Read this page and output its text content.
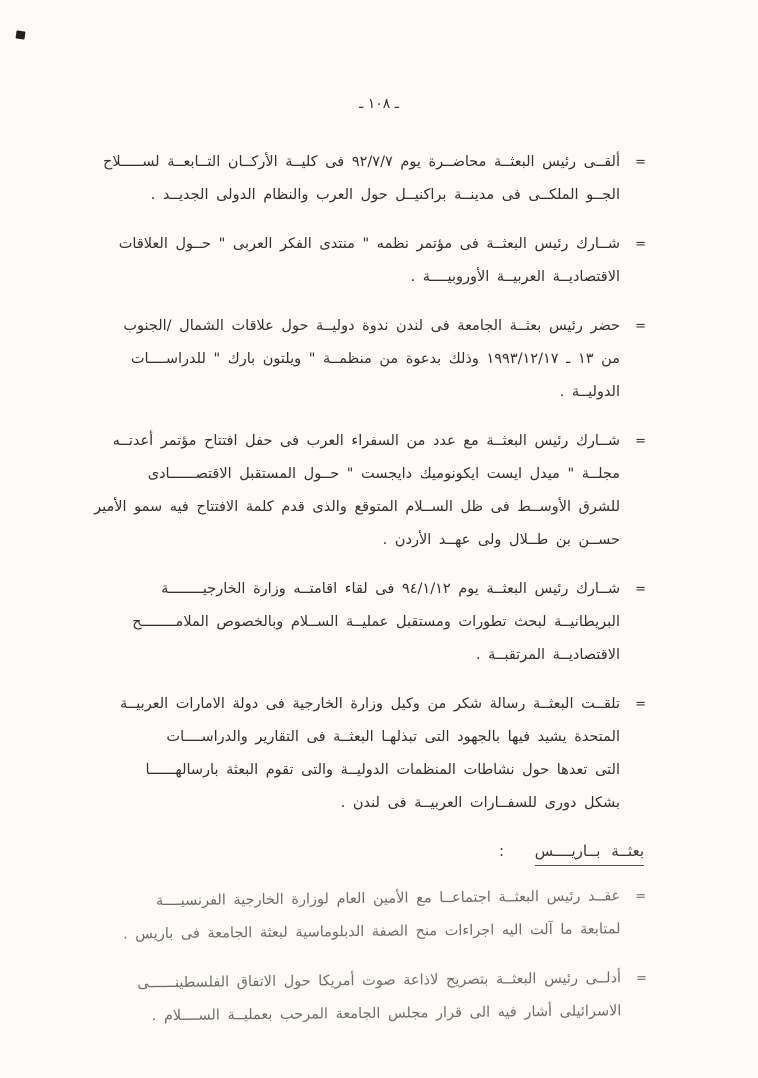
ـ ١٠٨ ـ
=
ألقــى رئيس البعثــة محاضــرة يوم ٩٢/٧/٧ فى كليــة الأركــان التــابعــة لســـــلاح
الجــو الملكــى فى مدينــة براكنيــل حول العرب والنظام الدولى الجديــد .
=
شــارك رئيس البعثــة فى مؤتمر نظمه " منتدى الفكر العربى " حــول العلاقات
الاقتصاديــة العربيــة الأوروبيــــة .
=
حضر رئيس بعثــة الجامعة فى لندن ندوة دوليــة حول علاقات الشمال /الجنوب
من ١٣ ـ ١٩٩٣/١٢/١٧ وذلك بدعوة من منظمــة " ويلتون بارك " للدراســــات
الدوليــة .
=
شــارك رئيس البعثــة مع عدد من السفراء العرب فى حفل افتتاح مؤتمر أعدتــه
مجلــة " ميدل ايست ايكونوميك دايجست " حــول المستقبل الاقتصــــــادى
للشرق الأوســط فى ظل الســلام المتوقع والذى قدم كلمة الافتتاح فيه سمو الأمير
حســن بن طــلال ولى عهــد الأردن .
=
شــارك رئيس البعثــة يوم ٩٤/١/١٢ فى لقاء اقامتــه وزارة الخارجيــــــــة
البريطانيــة لبحث تطورات ومستقبل عمليــة الســلام وبالخصوص الملامــــــــح
الاقتصاديــة المرتقبــة .
=
تلقــت البعثــة رسالة شكر من وكيل وزارة الخارجية فى دولة الامارات العربيــة
المتحدة يشيد فيها بالجهود التى تبذلهـا البعثــة فى التقارير والدراســــات
التى تعدها حول نشاطات المنظمات الدوليــة والتى تقوم البعثة بارسالهــــــا
بشكل دورى للسفــارات العربيــة فى لندن .
بعثــة بــاريــــس :
=
عقــد رئيس البعثــة اجتماعــا مع الأمين العام لوزارة الخارجية الفرنسيــــة
لمتابعة ما آلت اليه اجراءات منح الصفة الدبلوماسية لبعثة الجامعة فى باريس .
=
أدلــى رئيس البعثــة بتصريح لاذاعة صوت أمريكا حول الاتفاق الفلسطينــــــى
الاسرائيلى أشار فيه الى قرار مجلس الجامعة المرحب بعمليــة الســــلام .
